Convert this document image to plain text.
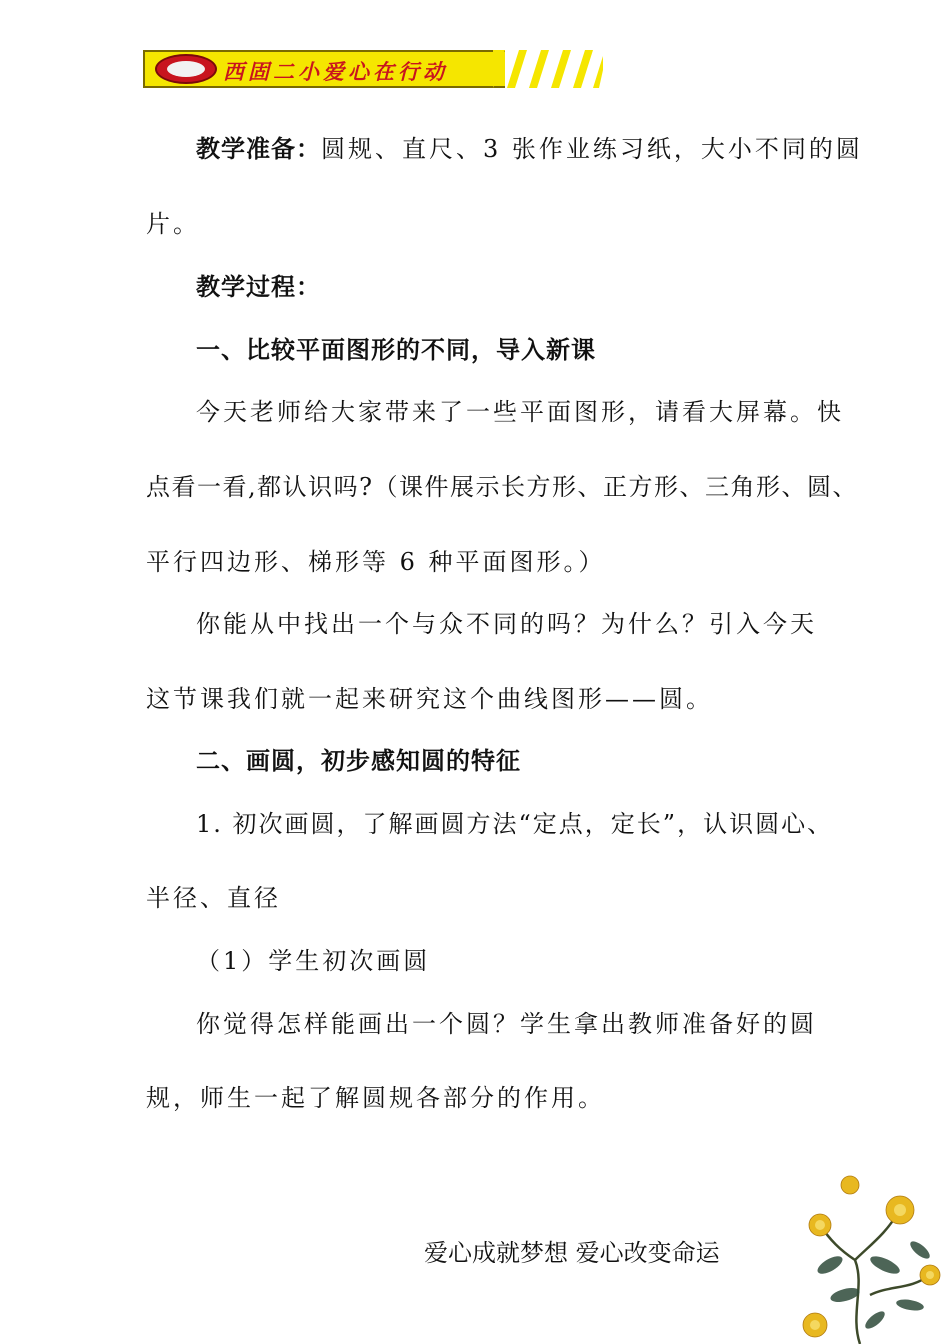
西固二小爱心在行动
教学准备：圆规、直尺、3 张作业练习纸，大小不同的圆
片。
教学过程：
一、比较平面图形的不同，导入新课
今天老师给大家带来了一些平面图形，请看大屏幕。快
点看一看,都认识吗?（课件展示长方形、正方形、三角形、圆、
平行四边形、梯形等 6 种平面图形。）
你能从中找出一个与众不同的吗？为什么？引入今天
这节课我们就一起来研究这个曲线图形——圆。
二、画圆，初步感知圆的特征
1. 初次画圆，了解画圆方法“定点，定长”，认识圆心、
半径、直径
（1）学生初次画圆
你觉得怎样能画出一个圆？学生拿出教师准备好的圆
规，师生一起了解圆规各部分的作用。
爱心成就梦想 爱心改变命运
